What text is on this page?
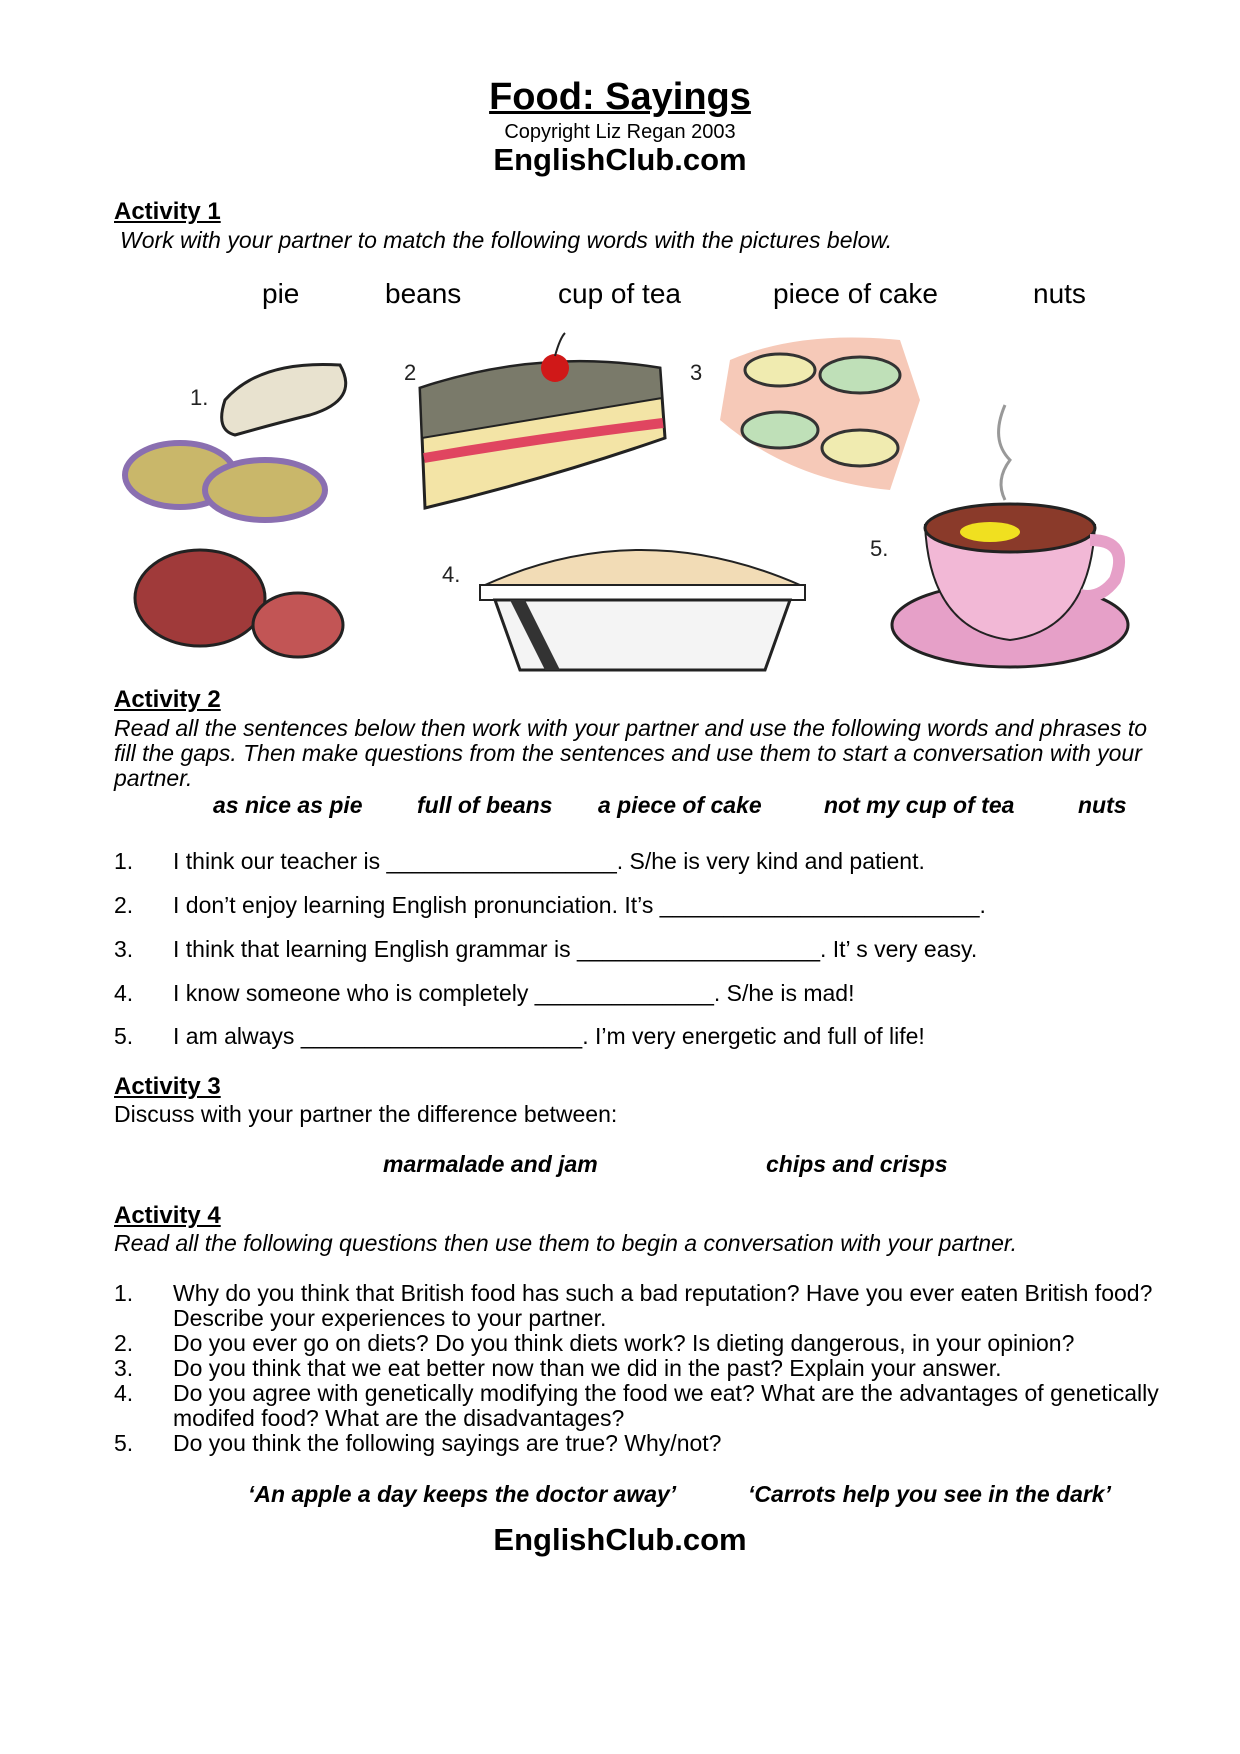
Food: Sayings
Copyright Liz Regan 2003
EnglishClub.com
Activity 1
Work with your partner to match the following words with the pictures below.
pie	beans	cup of tea	piece of cake	nuts
1.
2	3
4.
5.
Activity 2
Read all the sentences below then work with your partner and use the following words and phrases to
fill the gaps. Then make questions from the sentences and use them to start a conversation with your
partner.
as nice as pie full of beans a piece of cake	not my cup of tea	nuts
1. I think our teacher is __________________. S/he is very kind and patient.
2. I don’t enjoy learning English pronunciation. It’s _________________________.
3. I think that learning English grammar is ___________________. It’ s very easy.
4. I know someone who is completely ______________. S/he is mad!
5. I am always ______________________. I’m very energetic and full of life!
Activity 3
Discuss with your partner the difference between:
marmalade and jam	chips and crisps
Activity 4
Read all the following questions then use them to begin a conversation with your partner.
1. Why do you think that British food has such a bad reputation? Have you ever eaten British food? Describe your experiences to your partner.
2. Do you ever go on diets? Do you think diets work? Is dieting dangerous, in your opinion?
3. Do you think that we eat better now than we did in the past? Explain your answer.
4. Do you agree with genetically modifying the food we eat? What are the advantages of genetically modifed food? What are the disadvantages?
5. Do you think the following sayings are true? Why/not?
‘An apple a day keeps the doctor away’	‘Carrots help you see in the dark’
EnglishClub.com
